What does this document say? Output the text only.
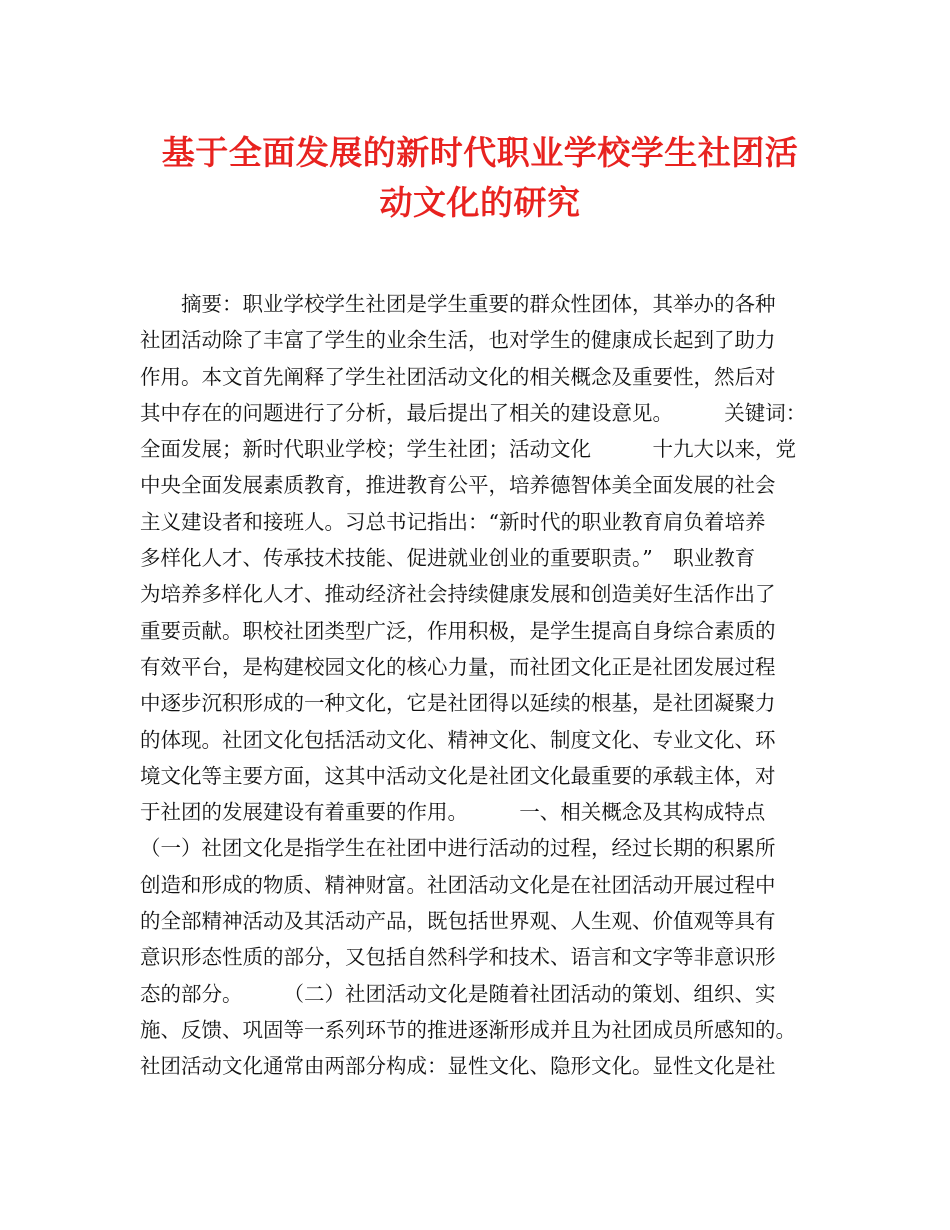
基于全面发展的新时代职业学校学生社团活
动文化的研究
　　摘要：职业学校学生社团是学生重要的群众性团体，其举办的各种
社团活动除了丰富了学生的业余生活，也对学生的健康成长起到了助力
作用。本文首先阐释了学生社团活动文化的相关概念及重要性，然后对
其中存在的问题进行了分析，最后提出了相关的建设意见。　　　关键词：
全面发展；新时代职业学校；学生社团；活动文化　　　十九大以来，党
中央全面发展素质教育，推进教育公平，培养德智体美全面发展的社会
主义建设者和接班人。习总书记指出：“新时代的职业教育肩负着培养
多样化人才、传承技术技能、促进就业创业的重要职责。”　职业教育
为培养多样化人才、推动经济社会持续健康发展和创造美好生活作出了
重要贡献。职校社团类型广泛，作用积极，是学生提高自身综合素质的
有效平台，是构建校园文化的核心力量，而社团文化正是社团发展过程
中逐步沉积形成的一种文化，它是社团得以延续的根基，是社团凝聚力
的体现。社团文化包括活动文化、精神文化、制度文化、专业文化、环
境文化等主要方面，这其中活动文化是社团文化最重要的承载主体，对
于社团的发展建设有着重要的作用。　　　一、相关概念及其构成特点
（一）社团文化是指学生在社团中进行活动的过程，经过长期的积累所
创造和形成的物质、精神财富。社团活动文化是在社团活动开展过程中
的全部精神活动及其活动产品，既包括世界观、人生观、价值观等具有
意识形态性质的部分，又包括自然科学和技术、语言和文字等非意识形
态的部分。　　　（二）社团活动文化是随着社团活动的策划、组织、实
施、反馈、巩固等一系列环节的推进逐渐形成并且为社团成员所感知的。
社团活动文化通常由两部分构成：显性文化、隐形文化。显性文化是社
